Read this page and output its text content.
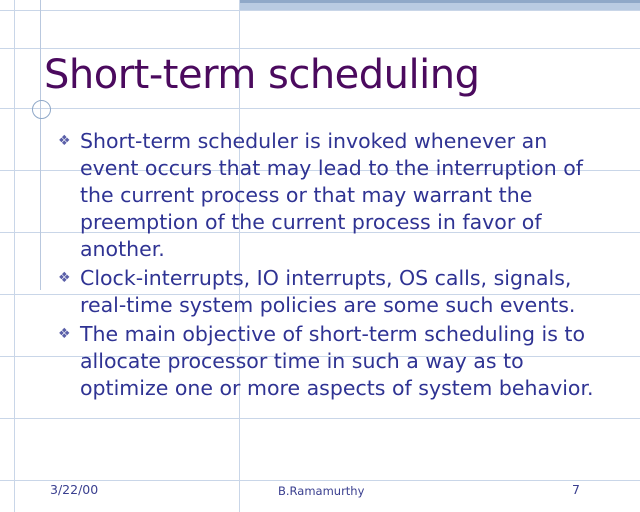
Short-term scheduling
❖ Short-term scheduler is invoked whenever an event occurs that may lead to the interruption of the current process or that may warrant the preemption of the current process in favor of another.
❖ Clock-interrupts, IO interrupts, OS calls, signals, real-time system policies are some such events.
❖ The main objective of short-term scheduling is to allocate processor time in such a way as to optimize one or more aspects of system behavior.
3/22/00	B.Ramamurthy	7
